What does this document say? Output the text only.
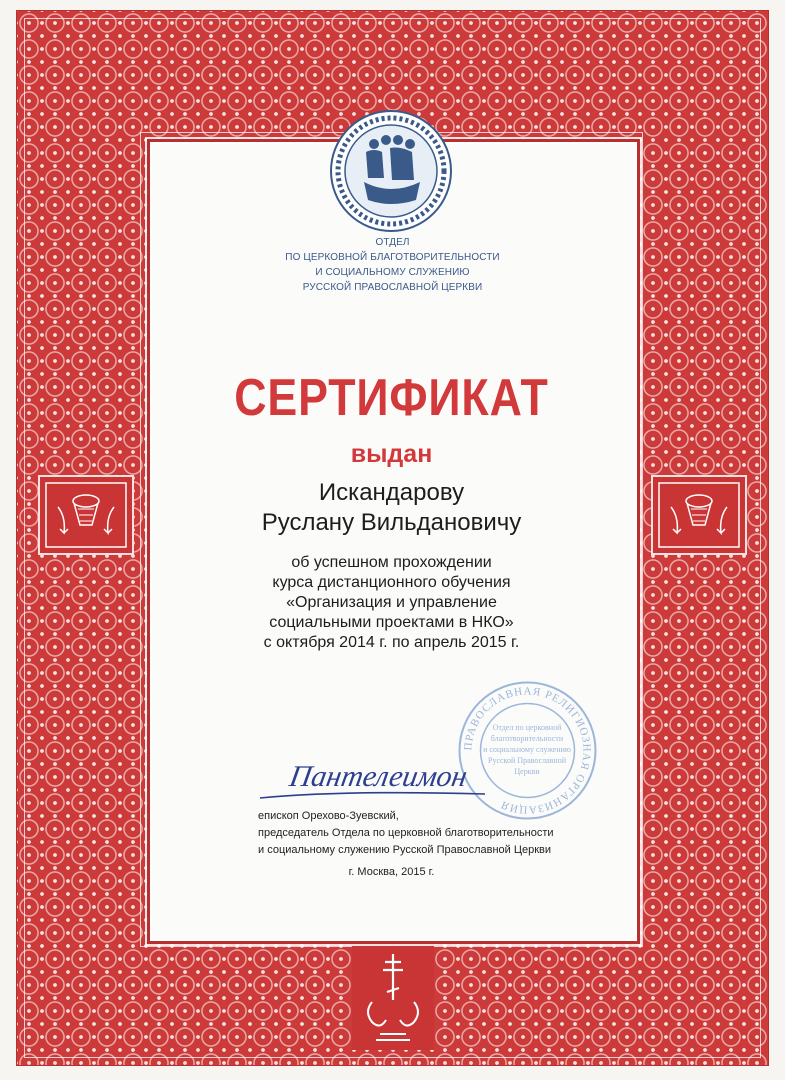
ОТДЕЛ
ПО ЦЕРКОВНОЙ БЛАГОТВОРИТЕЛЬНОСТИ
И СОЦИАЛЬНОМУ СЛУЖЕНИЮ
РУССКОЙ ПРАВОСЛАВНОЙ ЦЕРКВИ
СЕРТИФИКАТ
выдан
Искандарову
Руслану Вильдановичу
об успешном прохождении
курса дистанционного обучения
«Организация и управление
социальными проектами в НКО»
с октября 2014 г. по апрель 2015 г.
ПРАВОСЛАВНАЯ РЕЛИГИОЗНАЯ ОРГАНИЗАЦИЯ
Отдел по церковной
благотворительности
и социальному служению
Русской Православной
Церкви
Пантелеимон
епископ Орехово-Зуевский,
председатель Отдела по церковной благотворительности
и социальному служению Русской Православной Церкви
г. Москва, 2015 г.
